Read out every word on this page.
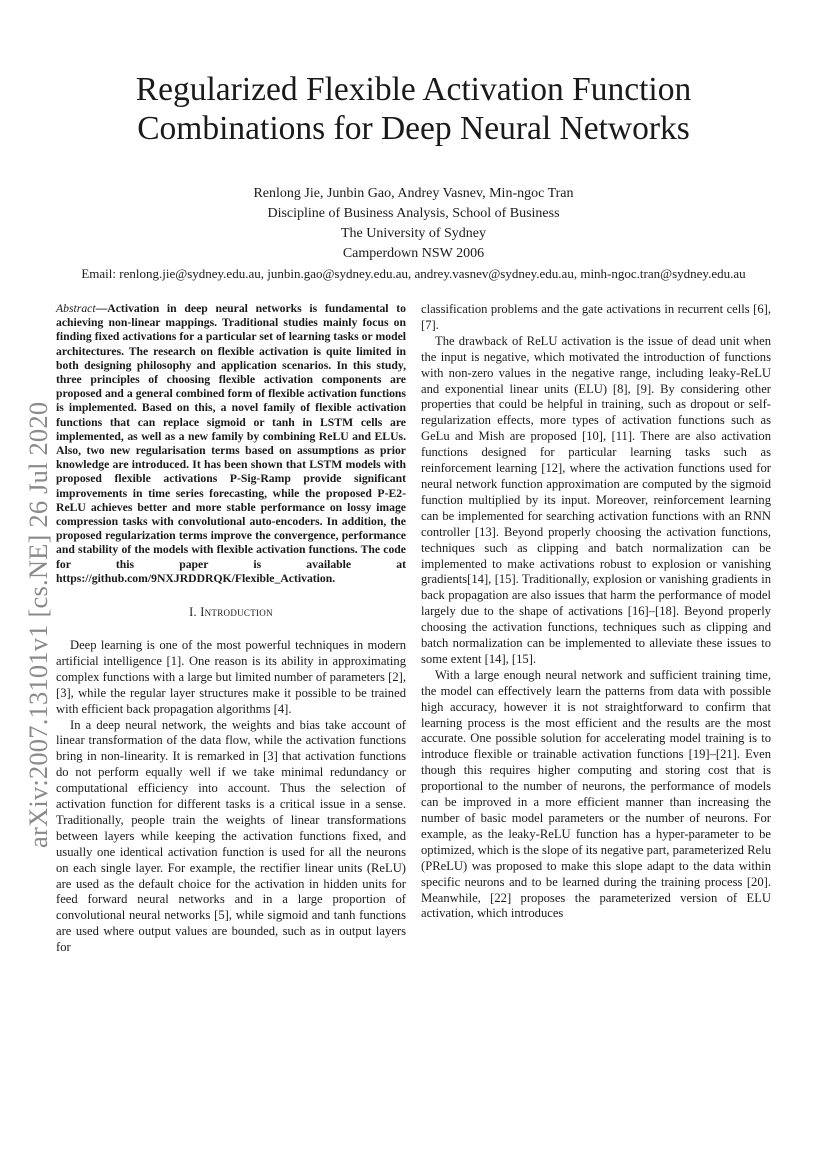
Regularized Flexible Activation Function
Combinations for Deep Neural Networks
Renlong Jie, Junbin Gao, Andrey Vasnev, Min-ngoc Tran
Discipline of Business Analysis, School of Business
The University of Sydney
Camperdown NSW 2006
Email: renlong.jie@sydney.edu.au, junbin.gao@sydney.edu.au, andrey.vasnev@sydney.edu.au, minh-ngoc.tran@sydney.edu.au
arXiv:2007.13101v1 [cs.NE] 26 Jul 2020

Abstract—Activation in deep neural networks is fundamental to achieving non-linear mappings. Traditional studies mainly focus on finding fixed activations for a particular set of learning tasks or model architectures. The research on flexible activation is quite limited in both designing philosophy and application scenarios. In this study, three principles of choosing flexible activation components are proposed and a general combined form of flexible activation functions is implemented. Based on this, a novel family of flexible activation functions that can replace sigmoid or tanh in LSTM cells are implemented, as well as a new family by combining ReLU and ELUs. Also, two new regularisation terms based on assumptions as prior knowledge are introduced. It has been shown that LSTM models with proposed flexible activations P-Sig-Ramp provide significant improvements in time series forecasting, while the proposed P-E2-ReLU achieves better and more stable performance on lossy image compression tasks with convolutional auto-encoders. In addition, the proposed regularization terms improve the convergence, performance and stability of the models with flexible activation functions. The code for this paper is available at https://github.com/9NXJRDDRQK/Flexible_Activation.

I. Introduction

Deep learning is one of the most powerful techniques in modern artificial intelligence [1]. One reason is its ability in approximating complex functions with a large but limited number of parameters [2], [3], while the regular layer structures make it possible to be trained with efficient back propagation algorithms [4].

In a deep neural network, the weights and bias take account of linear transformation of the data flow, while the activation functions bring in non-linearity. It is remarked in [3] that activation functions do not perform equally well if we take minimal redundancy or computational efficiency into account. Thus the selection of activation function for different tasks is a critical issue in a sense. Traditionally, people train the weights of linear transformations between layers while keeping the activation functions fixed, and usually one identical activation function is used for all the neurons on each single layer. For example, the rectifier linear units (ReLU) are used as the default choice for the activation in hidden units for feed forward neural networks and in a large proportion of convolutional neural networks [5], while sigmoid and tanh functions are used where output values are bounded, such as in output layers for

classification problems and the gate activations in recurrent cells [6], [7].

The drawback of ReLU activation is the issue of dead unit when the input is negative, which motivated the introduction of functions with non-zero values in the negative range, including leaky-ReLU and exponential linear units (ELU) [8], [9]. By considering other properties that could be helpful in training, such as dropout or self-regularization effects, more types of activation functions such as GeLu and Mish are proposed [10], [11]. There are also activation functions designed for particular learning tasks such as reinforcement learning [12], where the activation functions used for neural network function approximation are computed by the sigmoid function multiplied by its input. Moreover, reinforcement learning can be implemented for searching activation functions with an RNN controller [13]. Beyond properly choosing the activation functions, techniques such as clipping and batch normalization can be implemented to make activations robust to explosion or vanishing gradients[14], [15]. Traditionally, explosion or vanishing gradients in back propagation are also issues that harm the performance of model largely due to the shape of activations [16]–[18]. Beyond properly choosing the activation functions, techniques such as clipping and batch normalization can be implemented to alleviate these issues to some extent [14], [15].

With a large enough neural network and sufficient training time, the model can effectively learn the patterns from data with possible high accuracy, however it is not straightforward to confirm that learning process is the most efficient and the results are the most accurate. One possible solution for accelerating model training is to introduce flexible or trainable activation functions [19]–[21]. Even though this requires higher computing and storing cost that is proportional to the number of neurons, the performance of models can be improved in a more efficient manner than increasing the number of basic model parameters or the number of neurons. For example, as the leaky-ReLU function has a hyper-parameter to be optimized, which is the slope of its negative part, parameterized Relu (PReLU) was proposed to make this slope adapt to the data within specific neurons and to be learned during the training process [20]. Meanwhile, [22] proposes the parameterized version of ELU activation, which introduces
